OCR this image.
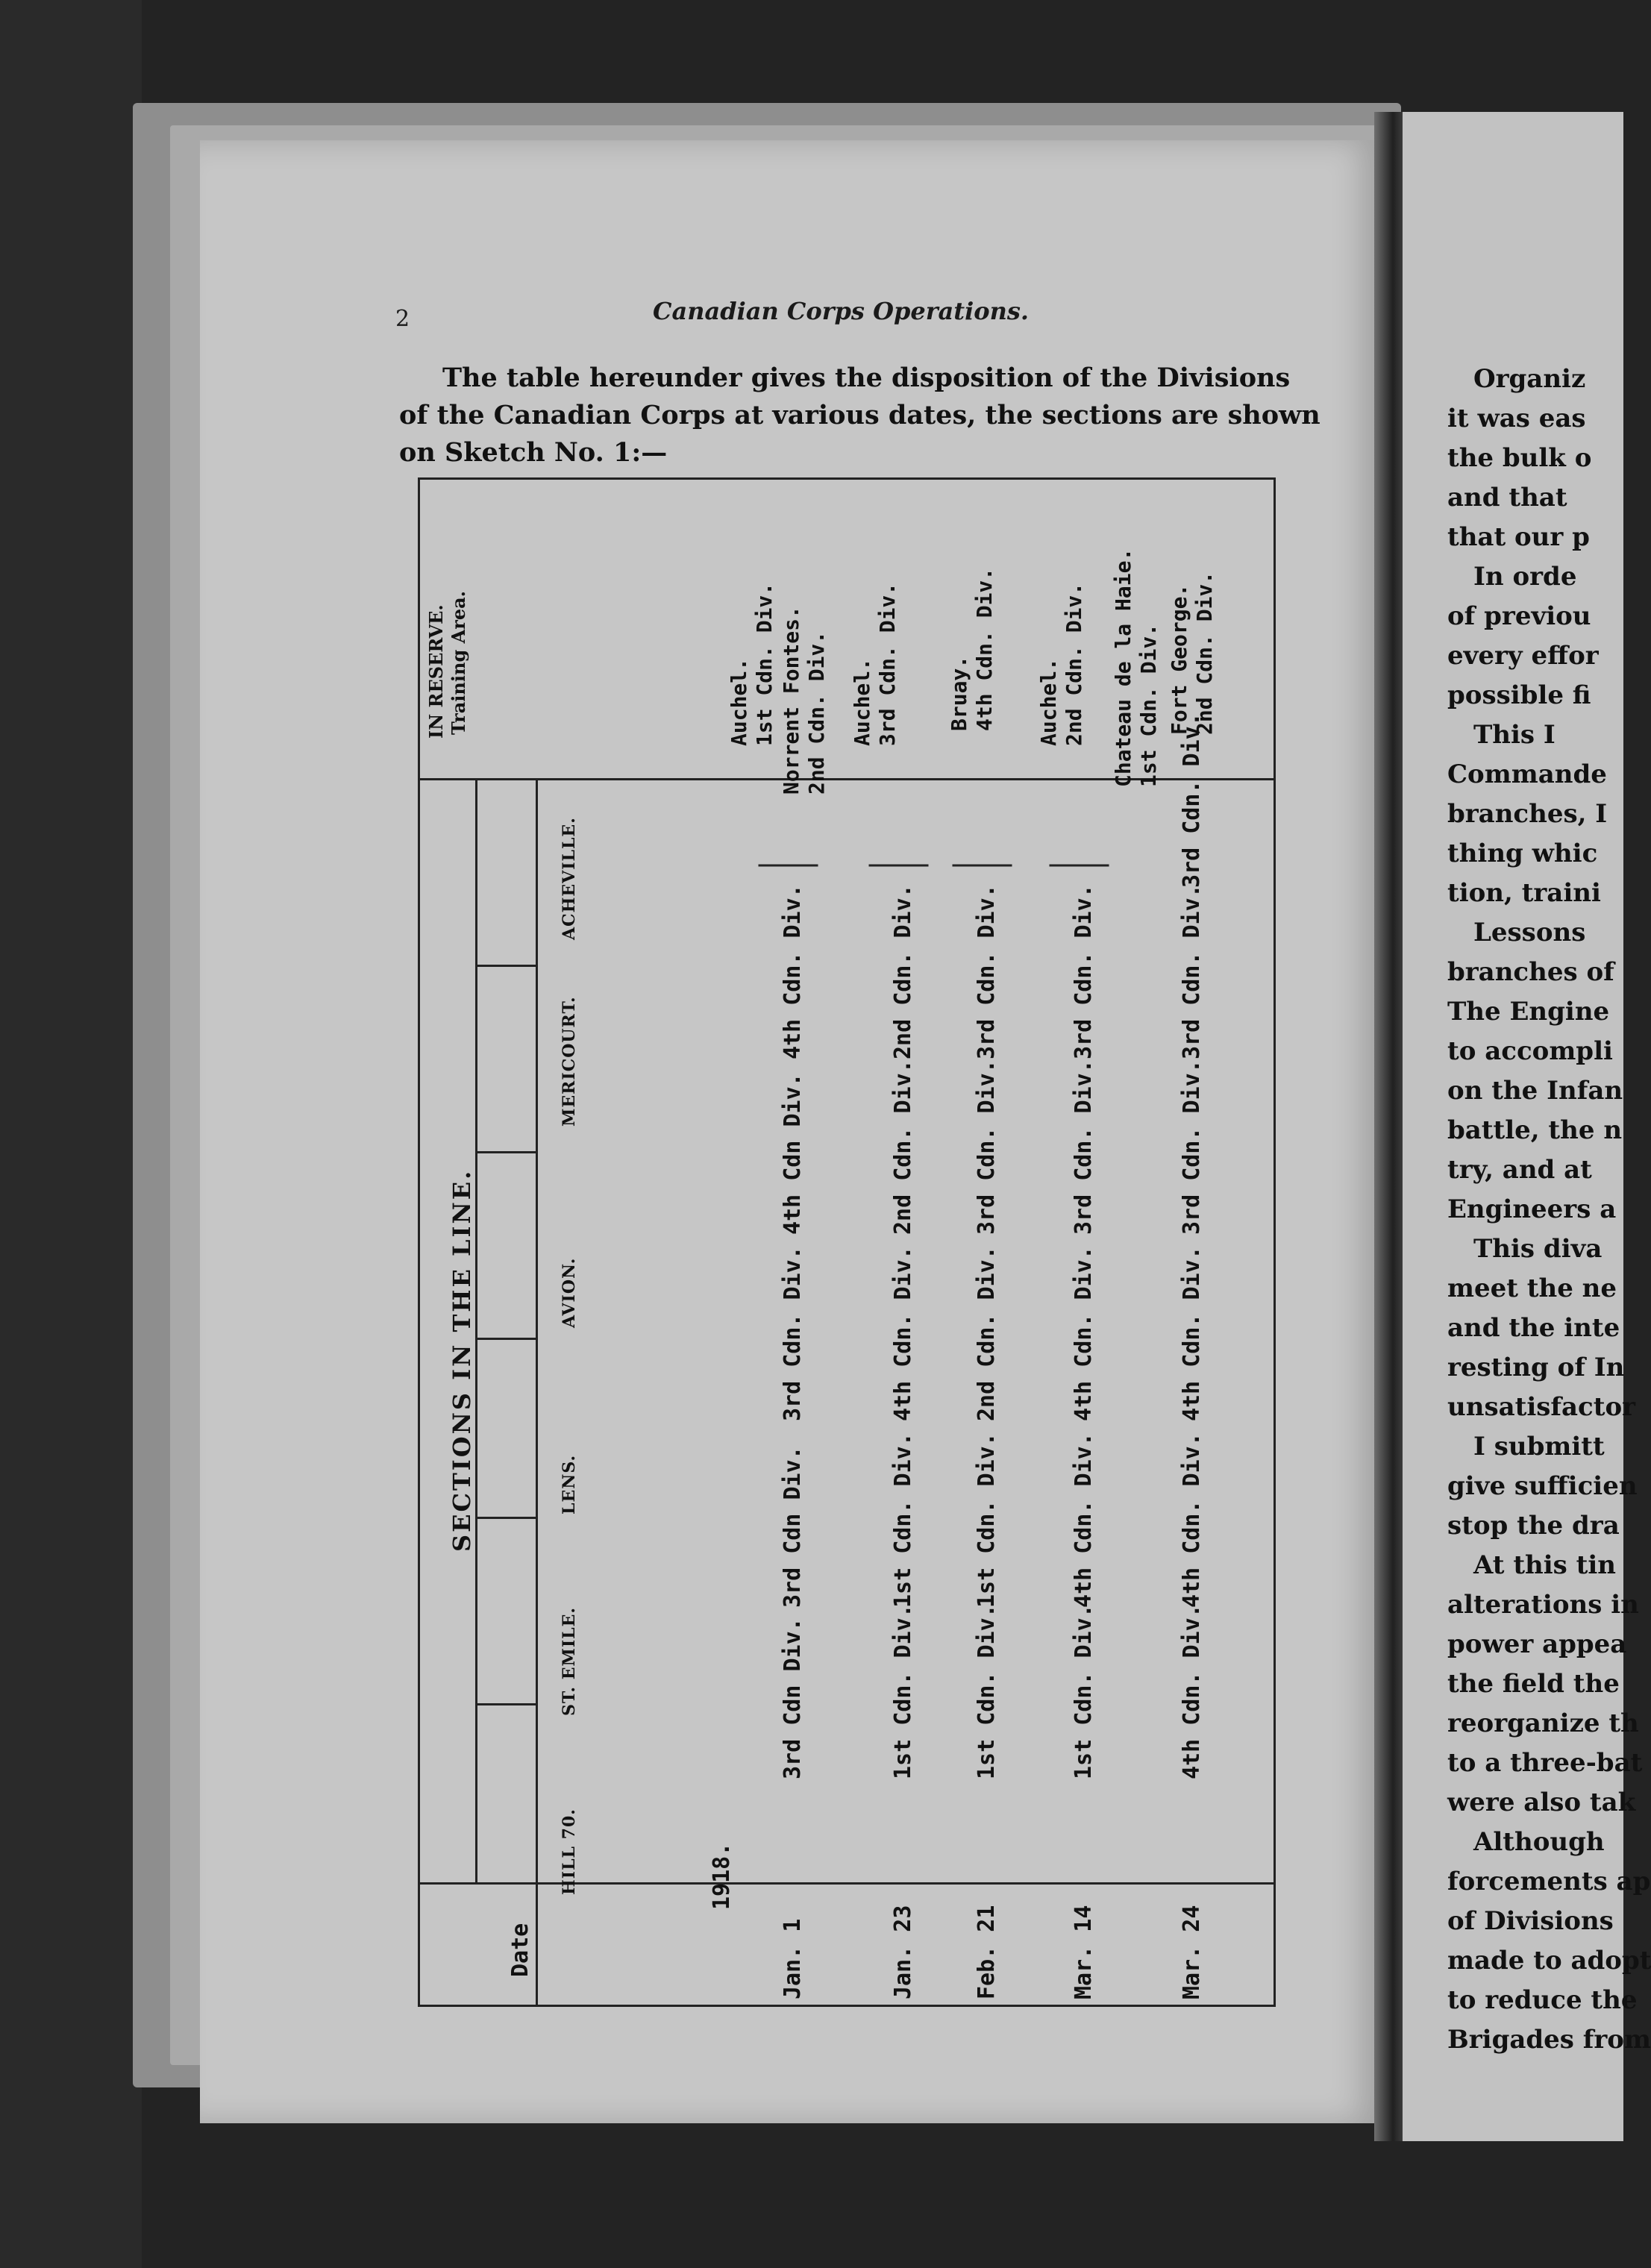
Organiz
it was eas
the bulk o
and that
that our p
In orde
of previou
every effor
possible fi
This I
Commande
branches, I
thing whic
tion, traini
Lessons
branches of
The Engine
to accompli
on the Infan
battle, the n
try, and at
Engineers a
This diva
meet the ne
and the inte
resting of In
unsatisfactor
I submitt
give sufficien
stop the dra
At this tin
alterations in
power appea
the field the
reorganize th
to a three-bat
were also tak
Although
forcements ap
of Divisions
made to adopt
to reduce the
Brigades from
2	Canadian Corps Operations.
The table hereunder gives the disposition of the Divisions
of the Canadian Corps at various dates, the sections are shown
on Sketch No. 1:—
Date
1918.
SECTIONS IN THE LINE.
IN RESERVE. Training Area.
HILL 70.
ST. EMILE.
LENS.
AVION.
MERICOURT.
ACHEVILLE.
Jan. 1
3rd Cdn Div.
3rd Cdn Div.
3rd Cdn. Div.
4th Cdn Div.
4th Cdn. Div.
Jan. 23
1st Cdn. Div.
1st Cdn. Div.
4th Cdn. Div.
2nd Cdn. Div.
2nd Cdn. Div.
Feb. 21
1st Cdn. Div.
1st Cdn. Div.
2nd Cdn. Div.
3rd Cdn. Div.
3rd Cdn. Div.
Mar. 14
1st Cdn. Div.
4th Cdn. Div.
4th Cdn. Div.
3rd Cdn. Div.
3rd Cdn. Div.
Mar. 24
4th Cdn. Div.
4th Cdn. Div.
4th Cdn. Div.
3rd Cdn. Div.
3rd Cdn. Div.
3rd Cdn. Div.
Auchel. 1st Cdn. Div. Norrent Fontes. 2nd Cdn. Div. Auchel. 3rd Cdn. Div. Bruay. 4th Cdn. Div. Auchel. 2nd Cdn. Div. Chateau de la Haie. 1st Cdn. Div. Fort George. 2nd Cdn. Div.
